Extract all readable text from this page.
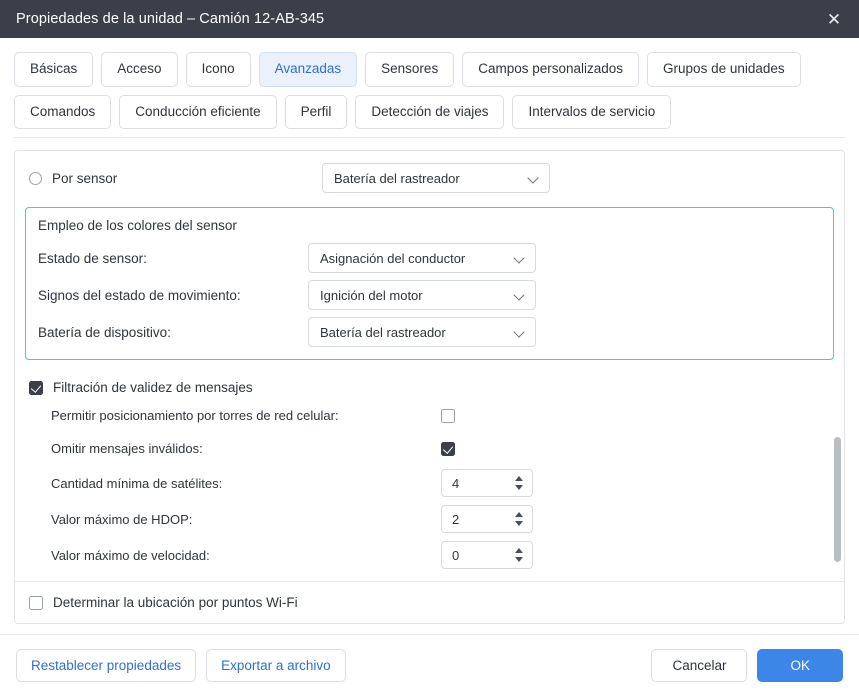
Propiedades de la unidad – Camión 12-AB-345	✕
Básicas	Acceso	Icono	Avanzadas	Sensores	Campos personalizados	Grupos de unidades
Comandos	Conducción eficiente	Perfil	Detección de viajes	Intervalos de servicio
Por sensor	Batería del rastreador
Empleo de los colores del sensor
Estado de sensor:	Asignación del conductor
Signos del estado de movimiento:	Ignición del motor
Batería de dispositivo:	Batería del rastreador
Filtración de validez de mensajes
Permitir posicionamiento por torres de red celular:
Omitir mensajes inválidos:
Cantidad mínima de satélites:	4
Valor máximo de HDOP:	2
Valor máximo de velocidad:	0
Determinar la ubicación por puntos Wi-Fi
Restablecer propiedades	Exportar a archivo	Cancelar	OK
